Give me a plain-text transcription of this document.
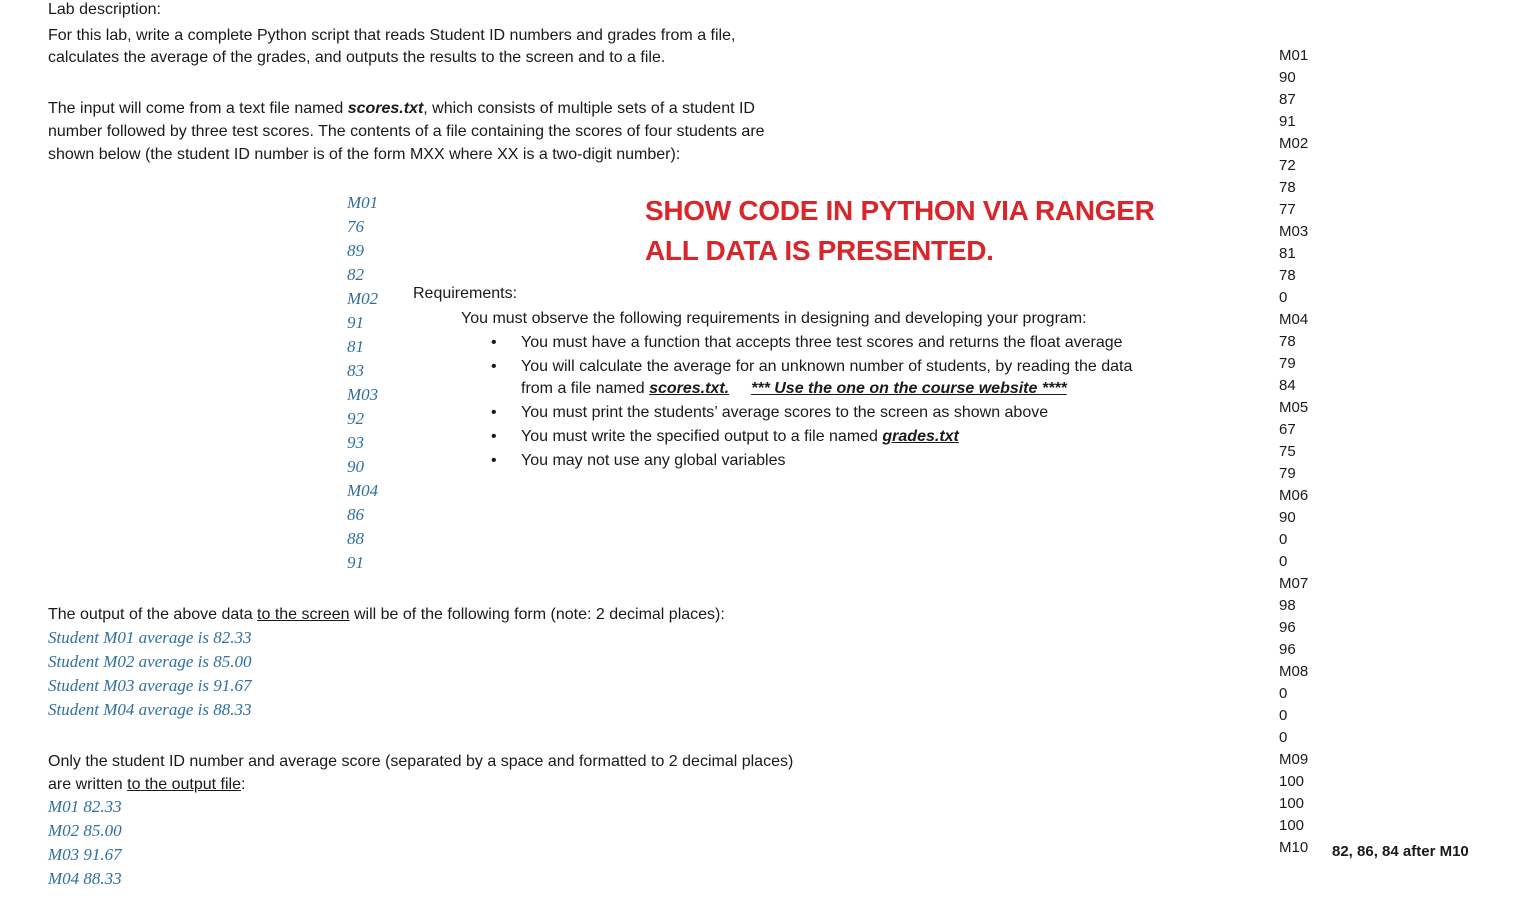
Lab description:
For this lab, write a complete Python script that reads Student ID numbers and grades from a file,
calculates the average of the grades, and outputs the results to the screen and to a file.
The input will come from a text file named scores.txt, which consists of multiple sets of a student ID
number followed by three test scores. The contents of a file containing the scores of four students are
shown below (the student ID number is of the form MXX where XX is a two-digit number):
M01
76
89
82
M02
91
81
83
M03
92
93
90
M04
86
88
91
SHOW CODE IN PYTHON VIA RANGER
ALL DATA IS PRESENTED.
Requirements:
You must observe the following requirements in designing and developing your program:
• You must have a function that accepts three test scores and returns the float average
• You will calculate the average for an unknown number of students, by reading the data
from a file named scores.txt. *** Use the one on the course website ****
• You must print the students’ average scores to the screen as shown above
• You must write the specified output to a file named grades.txt
• You may not use any global variables
The output of the above data to the screen will be of the following form (note: 2 decimal places):
Student M01 average is 82.33
Student M02 average is 85.00
Student M03 average is 91.67
Student M04 average is 88.33
Only the student ID number and average score (separated by a space and formatted to 2 decimal places)
are written to the output file:
M01 82.33
M02 85.00
M03 91.67
M04 88.33
M01
90
87
91
M02
72
78
77
M03
81
78
0
M04
78
79
84
M05
67
75
79
M06
90
0
0
M07
98
96
96
M08
0
0
0
M09
100
100
100
M10 82, 86, 84 after M10
